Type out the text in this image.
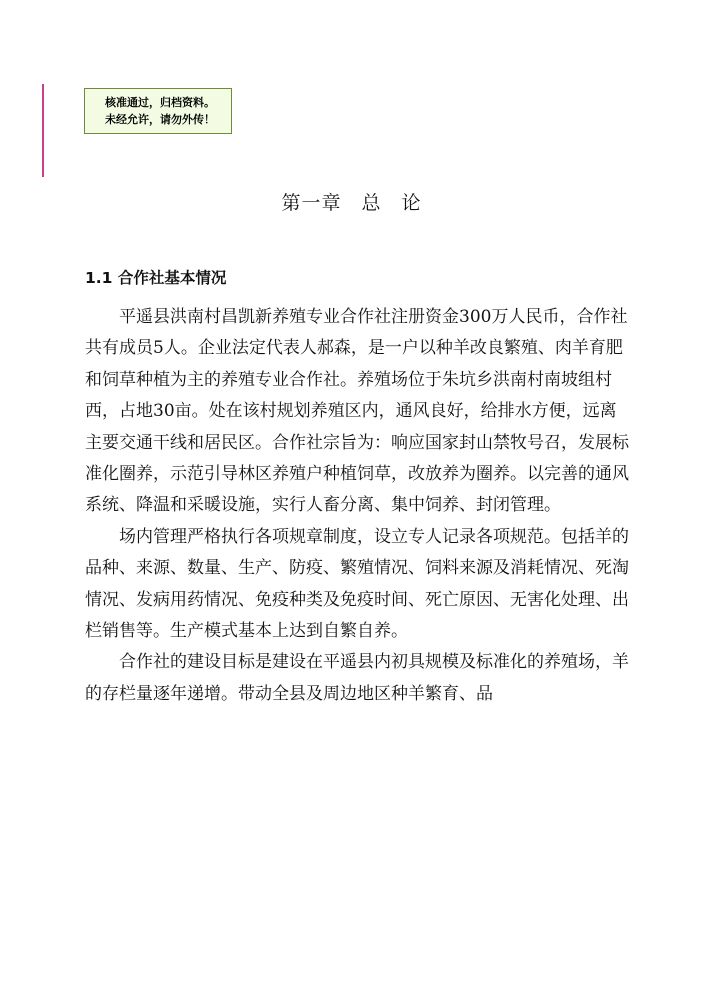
核准通过，归档资料。
未经允许，请勿外传！
第一章　总　论
1.1 合作社基本情况

平遥县洪南村昌凯新养殖专业合作社注册资金300万人民币，合作社共有成员5人。企业法定代表人郝森，是一户以种羊改良繁殖、肉羊育肥和饲草种植为主的养殖专业合作社。养殖场位于朱坑乡洪南村南坡组村西，占地30亩。处在该村规划养殖区内，通风良好，给排水方便，远离主要交通干线和居民区。合作社宗旨为：响应国家封山禁牧号召，发展标准化圈养，示范引导林区养殖户种植饲草，改放养为圈养。以完善的通风系统、降温和采暖设施，实行人畜分离、集中饲养、封闭管理。

场内管理严格执行各项规章制度，设立专人记录各项规范。包括羊的品种、来源、数量、生产、防疫、繁殖情况、饲料来源及消耗情况、死淘情况、发病用药情况、免疫种类及免疫时间、死亡原因、无害化处理、出栏销售等。生产模式基本上达到自繁自养。

合作社的建设目标是建设在平遥县内初具规模及标准化的养殖场，羊的存栏量逐年递增。带动全县及周边地区种羊繁育、品
